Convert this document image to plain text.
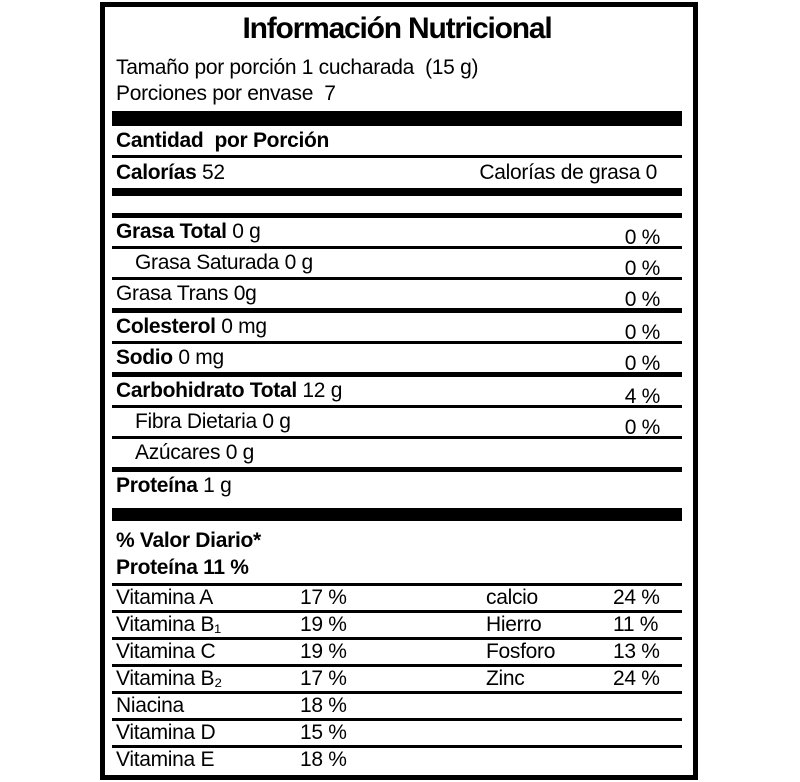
Información Nutricional
Tamaño por porción 1 cucharada  (15 g)
Porciones por envase  7
Cantidad  por Porción
Calorías 52	Calorías de grasa 0
Grasa Total 0 g	0 %
Grasa Saturada 0 g	0 %
Grasa Trans 0g	0 %
Colesterol 0 mg	0 %
Sodio 0 mg	0 %
Carbohidrato Total 12 g	4 %
Fibra Dietaria 0 g	0 %
Azúcares 0 g
Proteína 1 g
% Valor Diario*
Proteína 11 %
Vitamina A	17 %	calcio	24 %
Vitamina B₁	19 %	Hierro	11 %
Vitamina C	19 %	Fosforo	13 %
Vitamina B₂	17 %	Zinc	24 %
Niacina	18 %
Vitamina D	15 %
Vitamina E	18 %
